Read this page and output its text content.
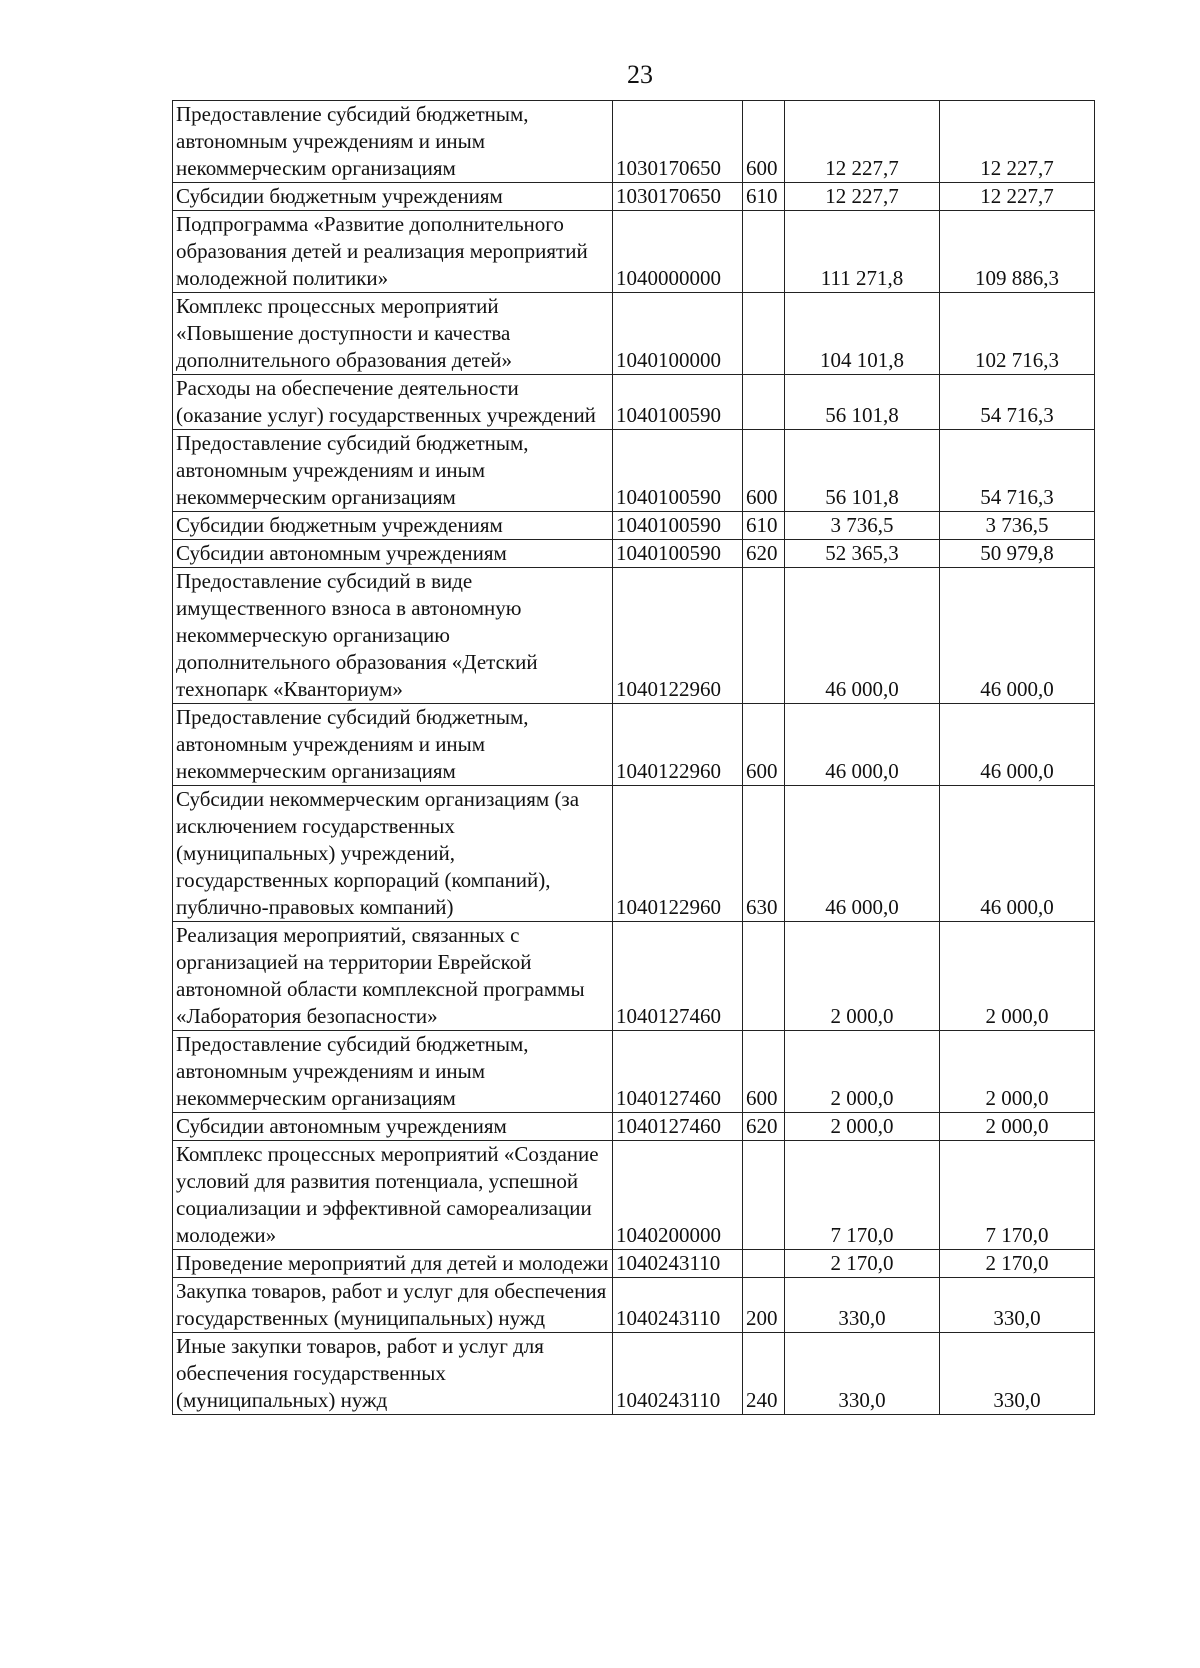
23
Предоставление субсидий бюджетным, автономным учреждениям и иным некоммерческим организациям	1030170650	600	12 227,7	12 227,7
Субсидии бюджетным учреждениям	1030170650	610	12 227,7	12 227,7
Подпрограмма «Развитие дополнительного образования детей и реализация мероприятий молодежной политики»	1040000000		111 271,8	109 886,3
Комплекс процессных мероприятий «Повышение доступности и качества дополнительного образования детей»	1040100000		104 101,8	102 716,3
Расходы на обеспечение деятельности (оказание услуг) государственных учреждений	1040100590		56 101,8	54 716,3
Предоставление субсидий бюджетным, автономным учреждениям и иным некоммерческим организациям	1040100590	600	56 101,8	54 716,3
Субсидии бюджетным учреждениям	1040100590	610	3 736,5	3 736,5
Субсидии автономным учреждениям	1040100590	620	52 365,3	50 979,8
Предоставление субсидий в виде имущественного взноса в автономную некоммерческую организацию дополнительного образования «Детский технопарк «Кванториум»	1040122960		46 000,0	46 000,0
Предоставление субсидий бюджетным, автономным учреждениям и иным некоммерческим организациям	1040122960	600	46 000,0	46 000,0
Субсидии некоммерческим организациям (за исключением государственных (муниципальных) учреждений, государственных корпораций (компаний), публично-правовых компаний)	1040122960	630	46 000,0	46 000,0
Реализация мероприятий, связанных с организацией на территории Еврейской автономной области комплексной программы «Лаборатория безопасности»	1040127460		2 000,0	2 000,0
Предоставление субсидий бюджетным, автономным учреждениям и иным некоммерческим организациям	1040127460	600	2 000,0	2 000,0
Субсидии автономным учреждениям	1040127460	620	2 000,0	2 000,0
Комплекс процессных мероприятий «Создание условий для развития потенциала, успешной социализации и эффективной самореализации молодежи»	1040200000		7 170,0	7 170,0
Проведение мероприятий для детей и молодежи	1040243110		2 170,0	2 170,0
Закупка товаров, работ и услуг для обеспечения государственных (муниципальных) нужд	1040243110	200	330,0	330,0
Иные закупки товаров, работ и услуг для обеспечения государственных (муниципальных) нужд	1040243110	240	330,0	330,0
